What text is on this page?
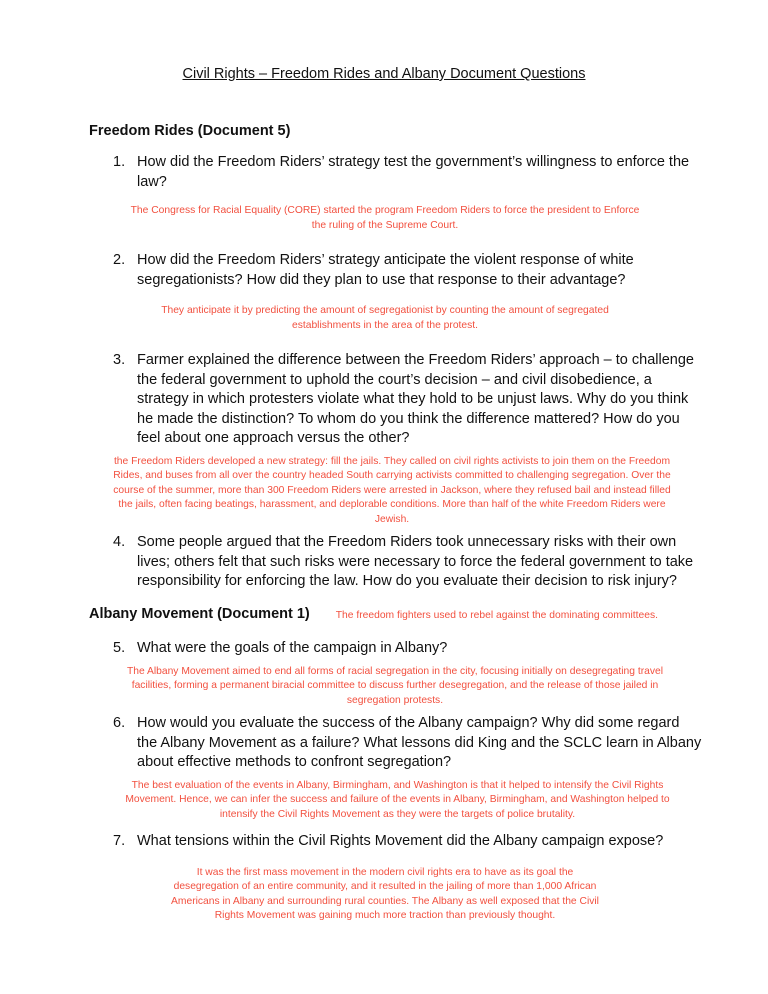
Civil Rights – Freedom Rides and Albany Document Questions
Freedom Rides (Document 5)
1. How did the Freedom Riders’ strategy test the government’s willingness to enforce the law?
The Congress for Racial Equality (CORE) started the program Freedom Riders to force the president to Enforce the ruling of the Supreme Court.
2. How did the Freedom Riders’ strategy anticipate the violent response of white segregationists? How did they plan to use that response to their advantage?
They anticipate it by predicting the amount of segregationist by counting the amount of segregated establishments in the area of the protest.
3. Farmer explained the difference between the Freedom Riders’ approach – to challenge the federal government to uphold the court’s decision – and civil disobedience, a strategy in which protesters violate what they hold to be unjust laws. Why do you think he made the distinction? To whom do you think the difference mattered? How do you feel about one approach versus the other?
the Freedom Riders developed a new strategy: fill the jails. They called on civil rights activists to join them on the Freedom Rides, and buses from all over the country headed South carrying activists committed to challenging segregation. Over the course of the summer, more than 300 Freedom Riders were arrested in Jackson, where they refused bail and instead filled the jails, often facing beatings, harassment, and deplorable conditions. More than half of the white Freedom Riders were Jewish.
4. Some people argued that the Freedom Riders took unnecessary risks with their own lives; others felt that such risks were necessary to force the federal government to take responsibility for enforcing the law. How do you evaluate their decision to risk injury?
Albany Movement (Document 1)	The freedom fighters used to rebel against the dominating committees.
5. What were the goals of the campaign in Albany?
The Albany Movement aimed to end all forms of racial segregation in the city, focusing initially on desegregating travel facilities, forming a permanent biracial committee to discuss further desegregation, and the release of those jailed in segregation protests.
6. How would you evaluate the success of the Albany campaign? Why did some regard the Albany Movement as a failure? What lessons did King and the SCLC learn in Albany about effective methods to confront segregation?
The best evaluation of the events in Albany, Birmingham, and Washington is that it helped to intensify the Civil Rights Movement. Hence, we can infer the success and failure of the events in Albany, Birmingham, and Washington helped to intensify the Civil Rights Movement as they were the targets of police brutality.
7. What tensions within the Civil Rights Movement did the Albany campaign expose?
It was the first mass movement in the modern civil rights era to have as its goal the desegregation of an entire community, and it resulted in the jailing of more than 1,000 African Americans in Albany and surrounding rural counties. The Albany as well exposed that the Civil Rights Movement was gaining much more traction than previously thought.
